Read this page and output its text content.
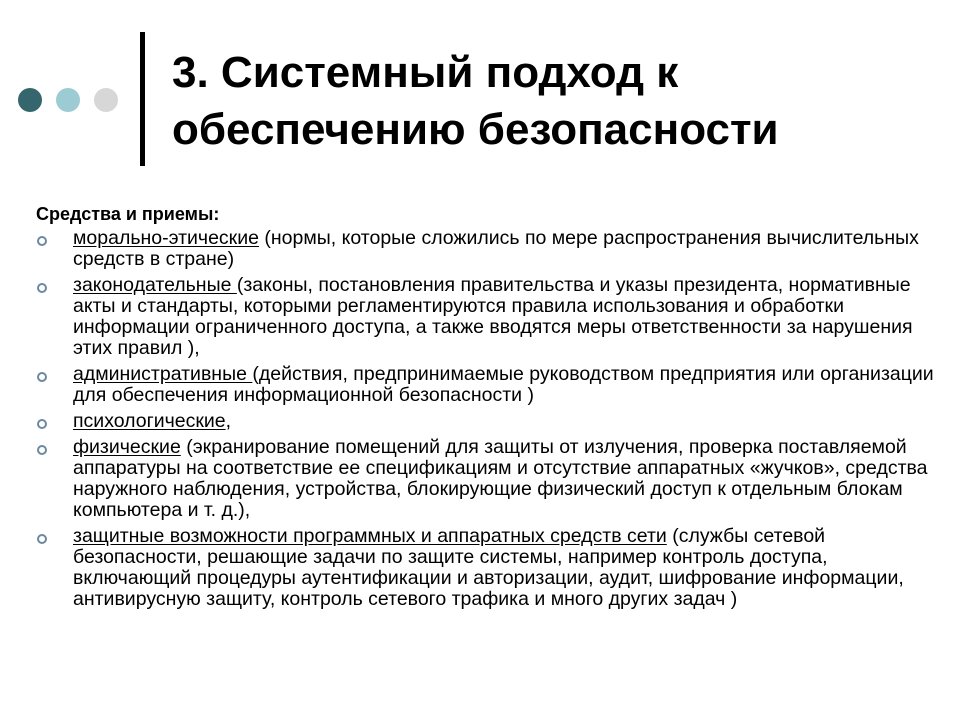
3. Системный подход к обеспечению безопасности

Средства и приемы:

морально-этические (нормы, которые сложились по мере распространения вычислительных средств в стране)
законодательные (законы, постановления правительства и указы президента, нормативные акты и стандарты, которыми регламентируются правила использования и обработки информации ограниченного доступа, а также вводятся меры ответственности за нарушения этих правил ),
административные (действия, предпринимаемые руководством предприятия или организации для обеспечения информационной безопасности )
психологические,
физические (экранирование помещений для защиты от излучения, проверка поставляемой аппаратуры на соответствие ее спецификациям и отсутствие аппаратных «жучков», средства наружного наблюдения, устройства, блокирующие физический доступ к отдельным блокам компьютера и т. д.),
защитные возможности программных и аппаратных средств сети (службы сетевой безопасности, решающие задачи по защите системы, например контроль доступа, включающий процедуры аутентификации и авторизации, аудит, шифрование информации, антивирусную защиту, контроль сетевого трафика и много других задач )
